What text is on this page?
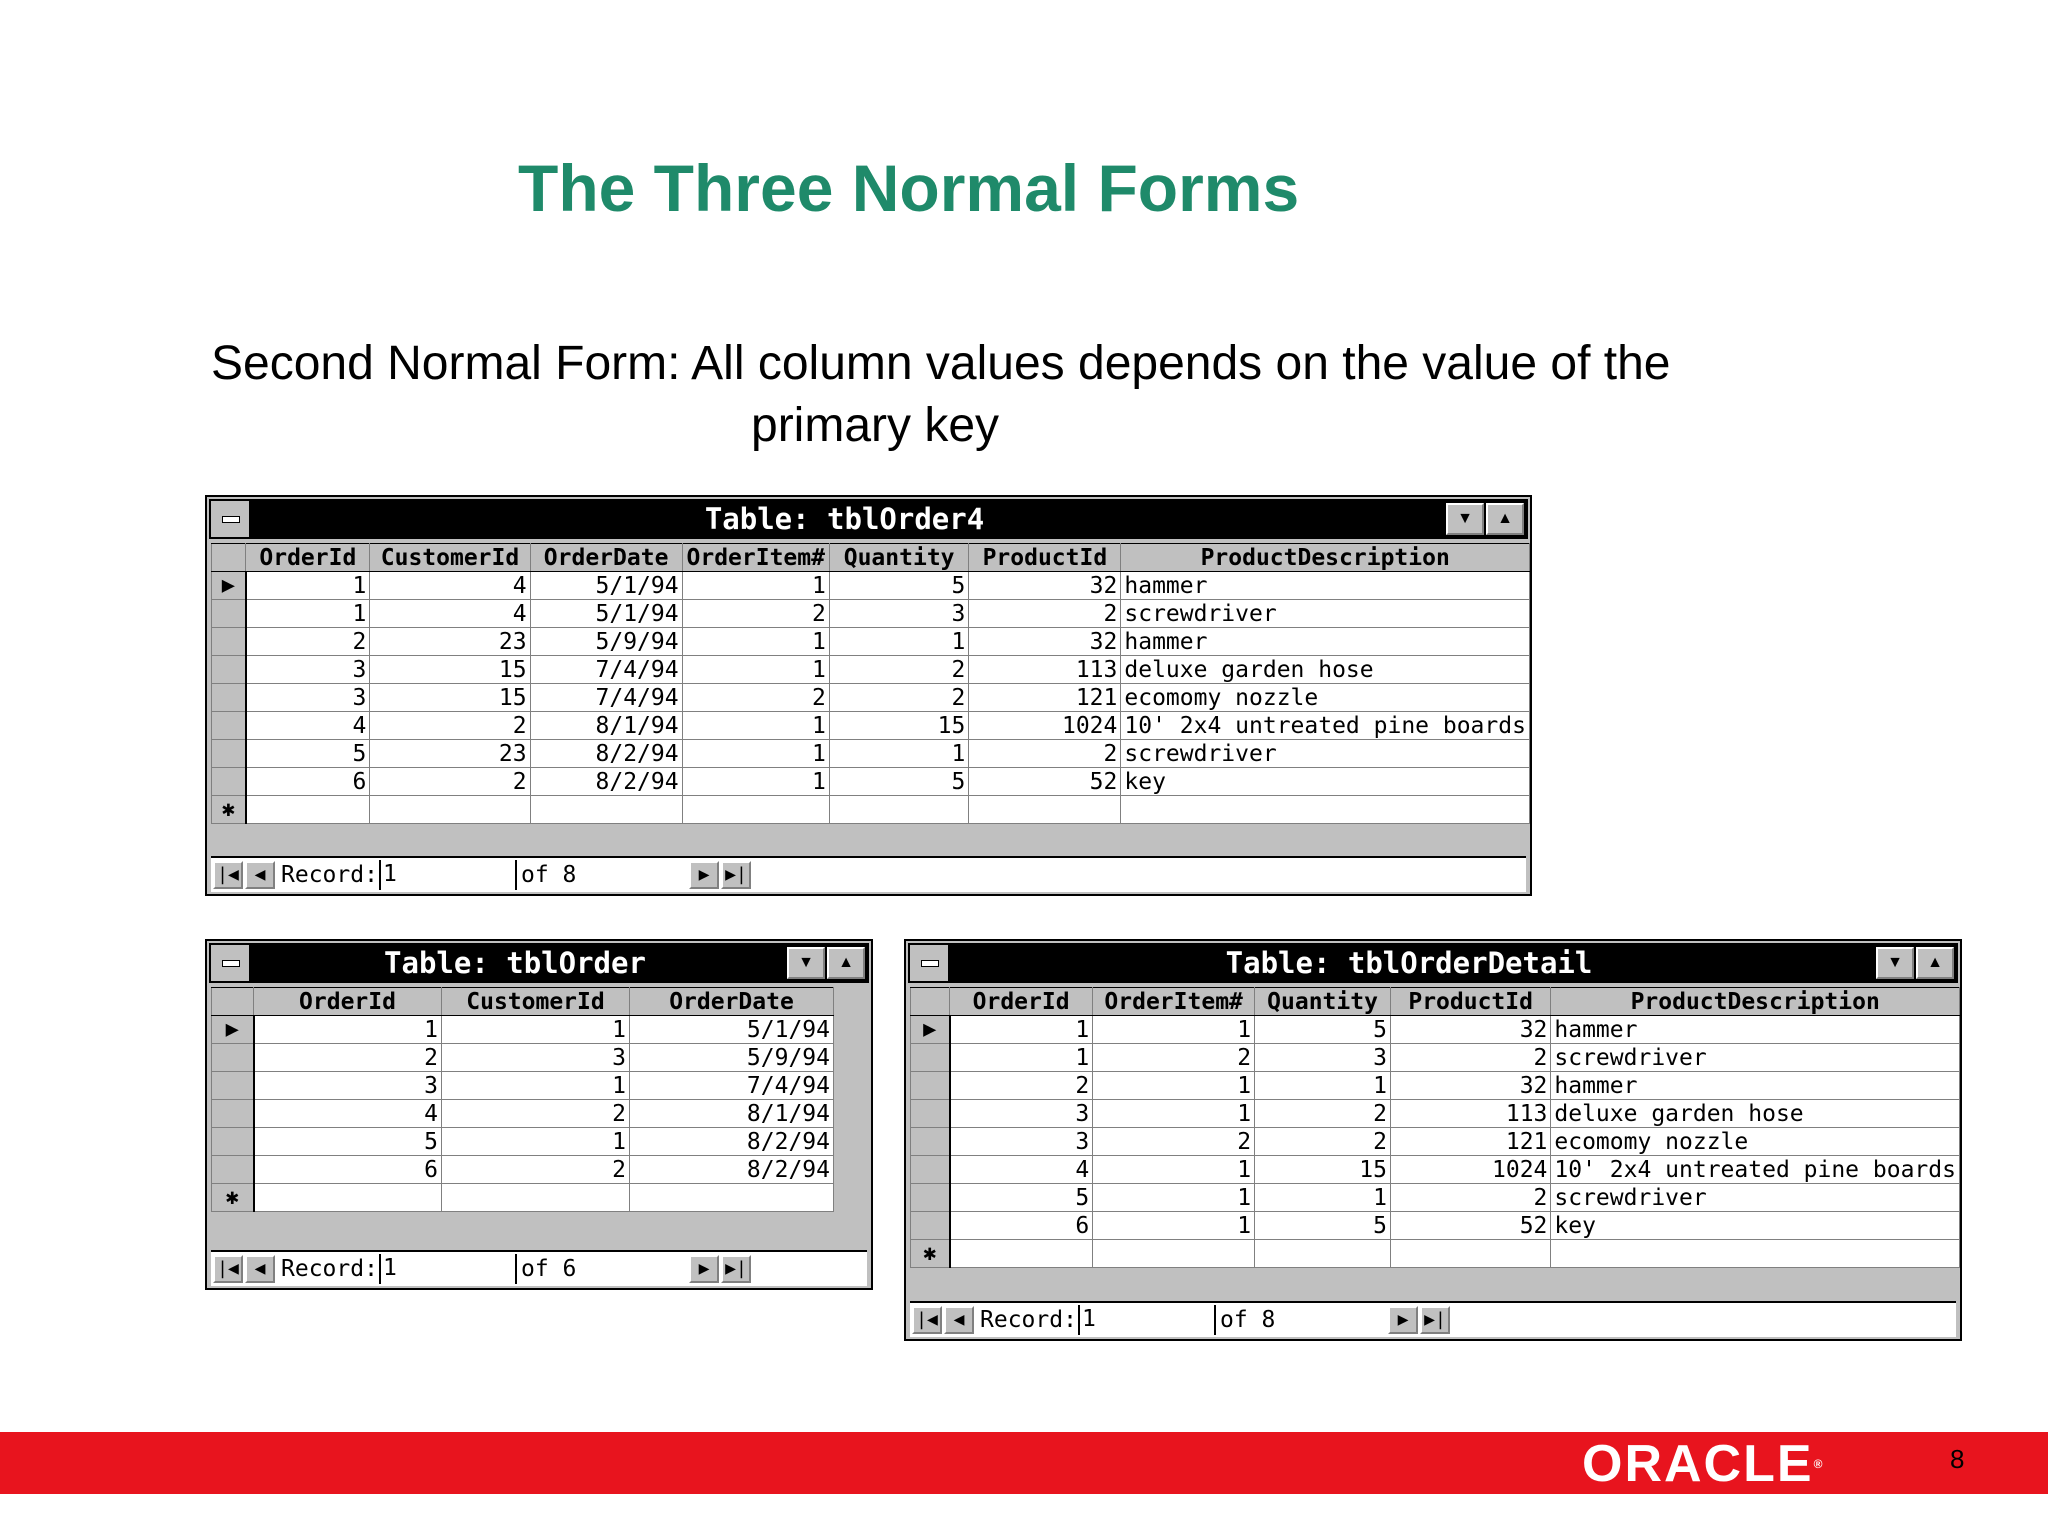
The Three Normal Forms
Second Normal Form: All column values depends on the value of the
primary key
Table: tblOrder4	▼	▲
	OrderId	CustomerId	OrderDate	OrderItem#	Quantity	ProductId	ProductDescription
▶	1	4	5/1/94	1	5	32	hammer
	1	4	5/1/94	2	3	2	screwdriver
	2	23	5/9/94	1	1	32	hammer
	3	15	7/4/94	1	2	113	deluxe garden hose
	3	15	7/4/94	2	2	121	ecomomy nozzle
	4	2	8/1/94	1	15	1024	10' 2x4 untreated pine boards
	5	23	8/2/94	1	1	2	screwdriver
	6	2	8/2/94	1	5	52	key
✱							
|◀ ◀ Record: 1	of 8	▶ ▶|
Table: tblOrder	▼	▲
	OrderId	CustomerId	OrderDate
▶	1	1	5/1/94
	2	3	5/9/94
	3	1	7/4/94
	4	2	8/1/94
	5	1	8/2/94
	6	2	8/2/94
✱			
|◀ ◀ Record: 1	of 6	▶ ▶|
Table: tblOrderDetail	▼	▲
	OrderId	OrderItem#	Quantity	ProductId	ProductDescription
▶	1	1	5	32	hammer
	1	2	3	2	screwdriver
	2	1	1	32	hammer
	3	1	2	113	deluxe garden hose
	3	2	2	121	ecomomy nozzle
	4	1	15	1024	10' 2x4 untreated pine boards
	5	1	1	2	screwdriver
	6	1	5	52	key
✱					
|◀ ◀ Record: 1	of 8	▶ ▶|
ORACLE®	8
